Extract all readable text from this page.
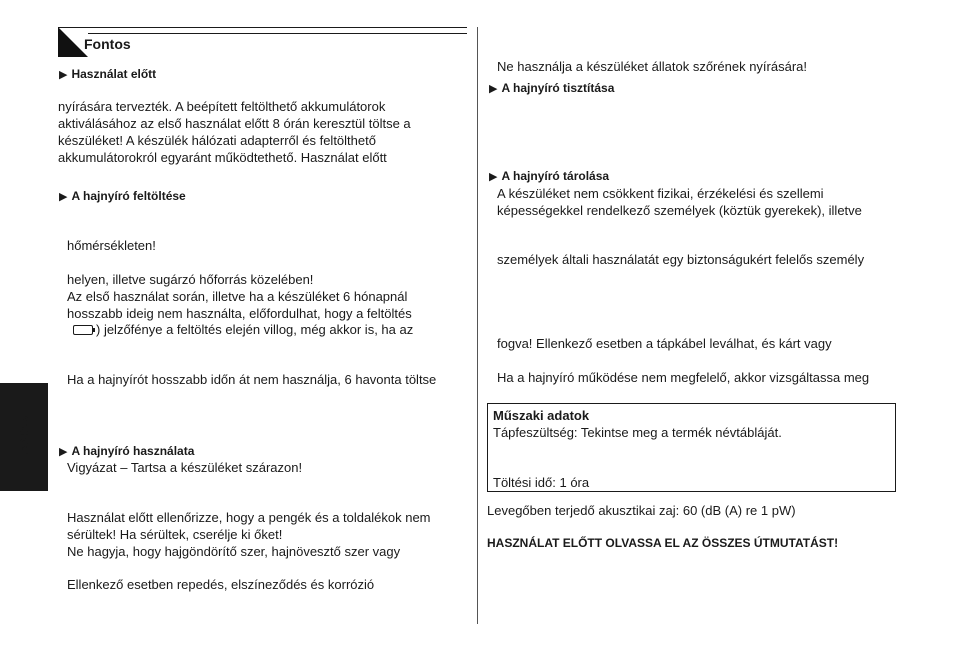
Fontos
Magyar
▶ Használat előtt
nyírására tervezték. A beépített feltölthető akkumulátorok
aktiválásához az első használat előtt 8 órán keresztül töltse a
készüléket! A készülék hálózati adapterről és feltölthető
akkumulátorokról egyaránt működtethető. Használat előtt
▶ A hajnyíró feltöltése
hőmérsékleten!
helyen, illetve sugárzó hőforrás közelében!
Az első használat során, illetve ha a készüléket 6 hónapnál
hosszabb ideig nem használta, előfordulhat, hogy a feltöltés
) jelzőfénye a feltöltés elején villog, még akkor is, ha az
Ha a hajnyírót hosszabb időn át nem használja, 6 havonta töltse
▶ A hajnyíró használata
Vigyázat – Tartsa a készüléket szárazon!
Használat előtt ellenőrizze, hogy a pengék és a toldalékok nem
sérültek! Ha sérültek, cserélje ki őket!
Ne hagyja, hogy hajgöndörítő szer, hajnövesztő szer vagy
Ellenkező esetben repedés, elszíneződés és korrózió
Ne használja a készüléket állatok szőrének nyírására!
▶ A hajnyíró tisztítása
▶ A hajnyíró tárolása
A készüléket nem csökkent fizikai, érzékelési és szellemi
képességekkel rendelkező személyek (köztük gyerekek), illetve
személyek általi használatát egy biztonságukért felelős személy
fogva! Ellenkező esetben a tápkábel leválhat, és kárt vagy
Ha a hajnyíró működése nem megfelelő, akkor vizsgáltassa meg
Műszaki adatok
Tápfeszültség: Tekintse meg a termék névtábláját.
Töltési idő: 1 óra
Levegőben terjedő akusztikai zaj: 60 (dB (A) re 1 pW)
HASZNÁLAT ELŐTT OLVASSA EL AZ ÖSSZES ÚTMUTATÁST!
